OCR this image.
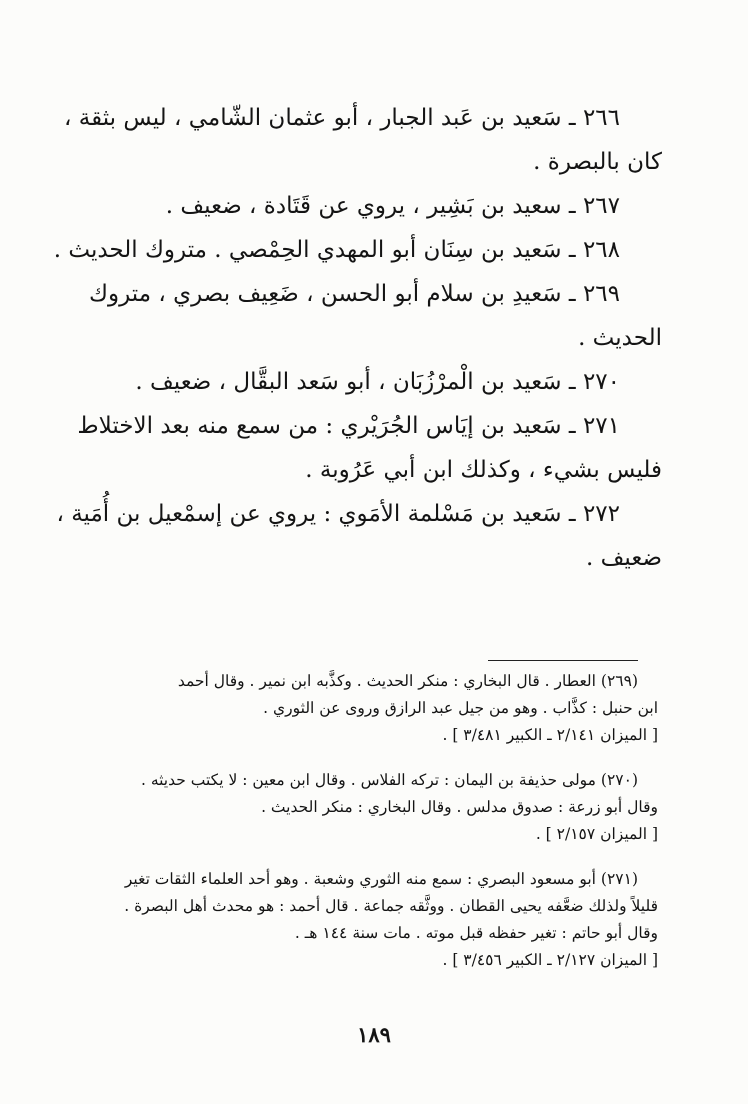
٢٦٦ ـ سَعيد بن عَبد الجبار ، أبو عثمان الشّامي ، ليس بثقة ،
كان بالبصرة .
٢٦٧ ـ سعيد بن بَشِير ، يروي عن قَتَادة ، ضعيف .
٢٦٨ ـ سَعيد بن سِنَان أبو المهدي الحِمْصي . متروك الحديث .
٢٦٩ ـ سَعيدِ بن سلام أبو الحسن ، ضَعِيف بصري ، متروك
الحديث .
٢٧٠ ـ سَعيد بن الْمرْزُبَان ، أبو سَعد البقَّال ، ضعيف .
٢٧١ ـ سَعيد بن إيَاس الجُرَيْري : من سمع منه بعد الاختلاط
فليس بشيء ، وكذلك ابن أبي عَرُوبة .
٢٧٢ ـ سَعيد بن مَسْلمة الأمَوي : يروي عن إسمْعيل بن أُمَية ،
ضعيف .
(٢٦٩) العطار . قال البخاري : منكر الحديث . وكذَّبه ابن نمير . وقال أحمد
ابن حنبل : كذَّاب . وهو من جيل عبد الرازق وروى عن الثوري .
[ الميزان ٢/١٤١ ـ الكبير ٣/٤٨١ ] .
(٢٧٠) مولى حذيفة بن اليمان : تركه الفلاس . وقال ابن معين : لا يكتب حديثه .
وقال أبو زرعة : صدوق مدلس . وقال البخاري : منكر الحديث .
[ الميزان ٢/١٥٧ ] .
(٢٧١) أبو مسعود البصري : سمع منه الثوري وشعبة . وهو أحد العلماء الثقات تغير
قليلاً ولذلك ضعَّفه يحيى القطان . ووثَّقه جماعة . قال أحمد : هو محدث أهل البصرة .
وقال أبو حاتم : تغير حفظه قبل موته . مات سنة ١٤٤ هـ .
[ الميزان ٢/١٢٧ ـ الكبير ٣/٤٥٦ ] .
١٨٩
